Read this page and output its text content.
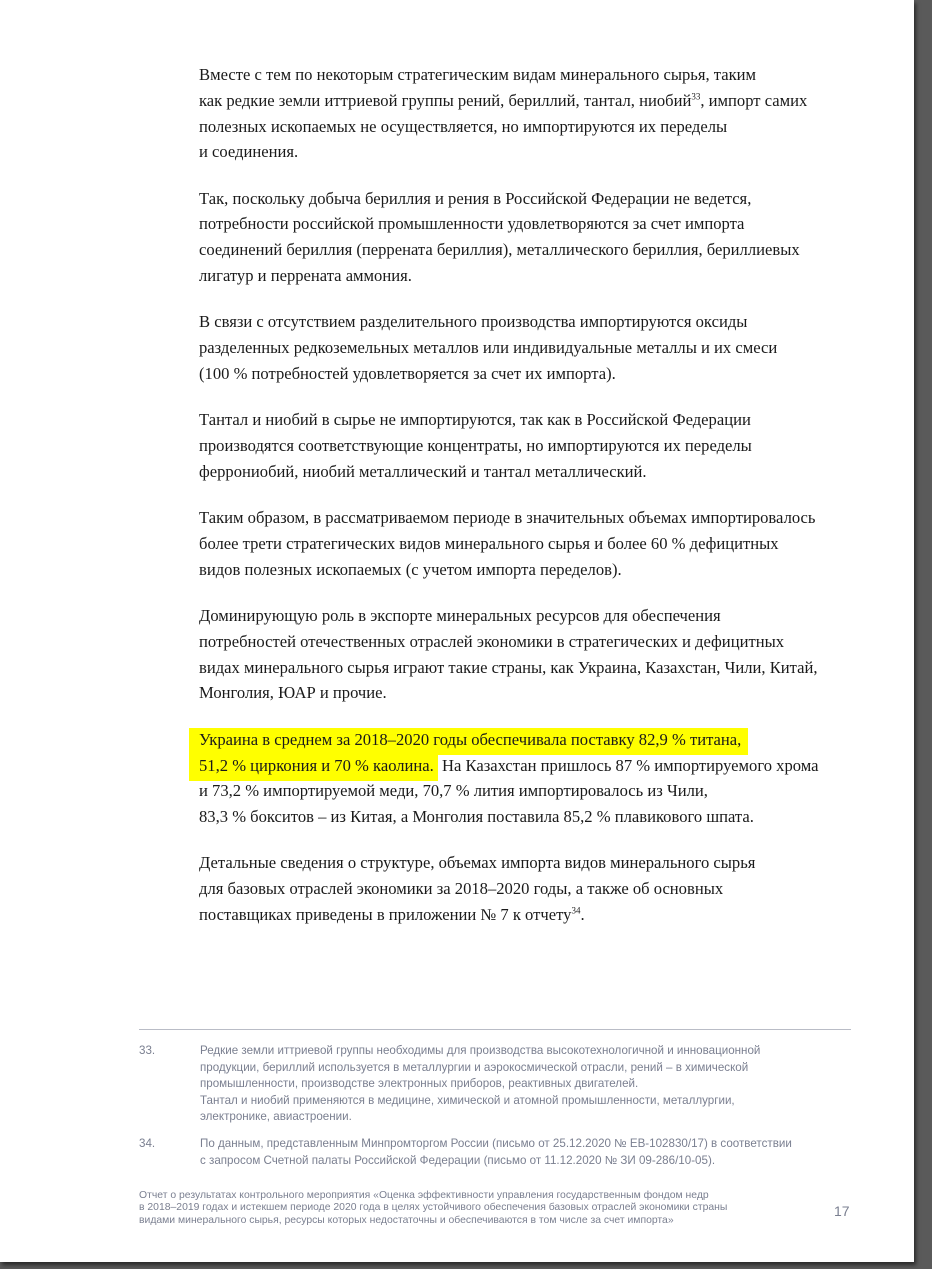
Вместе с тем по некоторым стратегическим видам минерального сырья, таким
как редкие земли иттриевой группы рений, бериллий, тантал, ниобий$^{33}$, импорт самих
полезных ископаемых не осуществляется, но импортируются их переделы
и соединения.

Так, поскольку добыча бериллия и рения в Российской Федерации не ведется,
потребности российской промышленности удовлетворяются за счет импорта
соединений бериллия (перрената бериллия), металлического бериллия, бериллиевых
лигатур и перрената аммония.

В связи с отсутствием разделительного производства импортируются оксиды
разделенных редкоземельных металлов или индивидуальные металлы и их смеси
(100 % потребностей удовлетворяется за счет их импорта).

Тантал и ниобий в сырье не импортируются, так как в Российской Федерации
производятся соответствующие концентраты, но импортируются их переделы
феррониобий, ниобий металлический и тантал металлический.

Таким образом, в рассматриваемом периоде в значительных объемах импортировалось
более трети стратегических видов минерального сырья и более 60 % дефицитных
видов полезных ископаемых (с учетом импорта переделов).

Доминирующую роль в экспорте минеральных ресурсов для обеспечения
потребностей отечественных отраслей экономики в стратегических и дефицитных
видах минерального сырья играют такие страны, как Украина, Казахстан, Чили, Китай,
Монголия, ЮАР и прочие.

Украина в среднем за 2018–2020 годы обеспечивала поставку 82,9 % титана,
51,2 % циркония и 70 % каолина. На Казахстан пришлось 87 % импортируемого хрома
и 73,2 % импортируемой меди, 70,7 % лития импортировалось из Чили,
83,3 % бокситов – из Китая, а Монголия поставила 85,2 % плавикового шпата.

Детальные сведения о структуре, объемах импорта видов минерального сырья
для базовых отраслей экономики за 2018–2020 годы, а также об основных
поставщиках приведены в приложении № 7 к отчету$^{34}$.

33.	Редкие земли иттриевой группы необходимы для производства высокотехнологичной и инновационной
продукции, бериллий используется в металлургии и аэрокосмической отрасли, рений – в химической
промышленности, производстве электронных приборов, реактивных двигателей.
Тантал и ниобий применяются в медицине, химической и атомной промышленности, металлургии,
электронике, авиастроении.
34.	По данным, представленным Минпромторгом России (письмо от 25.12.2020 № ЕВ-102830/17) в соответствии
с запросом Счетной палаты Российской Федерации (письмо от 11.12.2020 № ЗИ 09-286/10-05).
Отчет о результатах контрольного мероприятия «Оценка эффективности управления государственным фондом недр
в 2018–2019 годах и истекшем периоде 2020 года в целях устойчивого обеспечения базовых отраслей экономики страны
видами минерального сырья, ресурсы которых недостаточны и обеспечиваются в том числе за счет импорта»
17
